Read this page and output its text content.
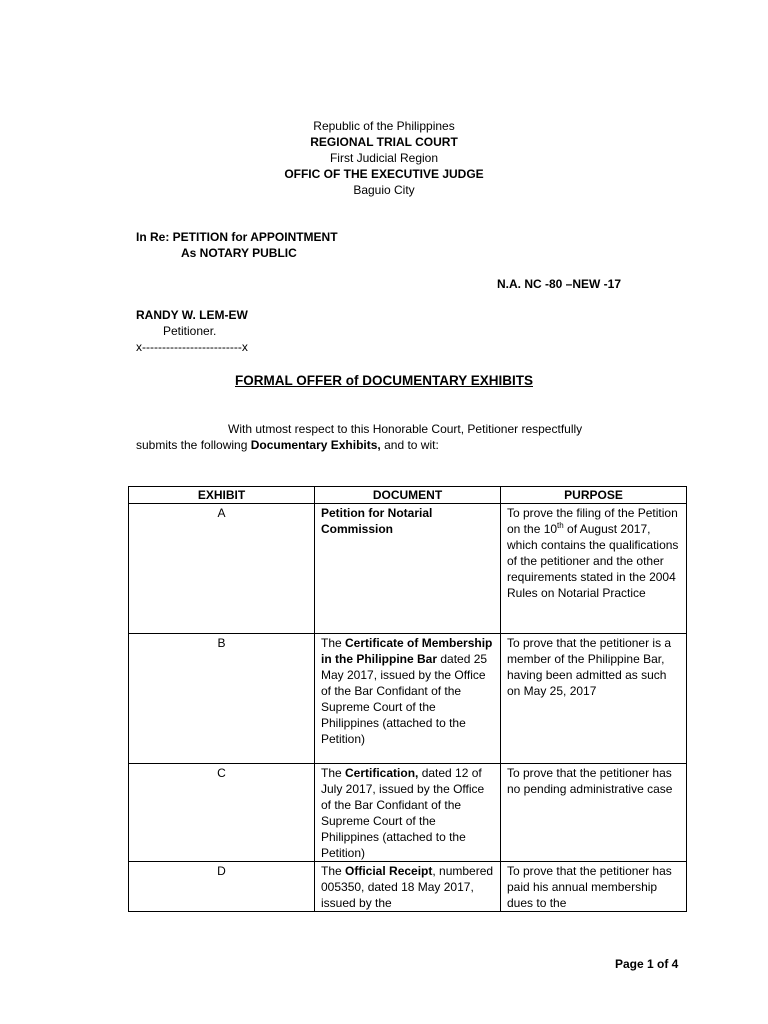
Republic of the Philippines
REGIONAL TRIAL COURT
First Judicial Region
OFFIC OF THE EXECUTIVE JUDGE
Baguio City
In Re: PETITION for APPOINTMENT
As NOTARY PUBLIC
N.A. NC -80 –NEW -17
RANDY W. LEM-EW
Petitioner.
x-------------------------x
FORMAL OFFER of DOCUMENTARY EXHIBITS
With utmost respect to this Honorable Court, Petitioner respectfully
submits the following Documentary Exhibits, and to wit:
EXHIBIT	DOCUMENT	PURPOSE
A	Petition for Notarial Commission	To prove the filing of the Petition on the 10th of August 2017, which contains the qualifications of the petitioner and the other requirements stated in the 2004 Rules on Notarial Practice
B	The Certificate of Membership in the Philippine Bar dated 25 May 2017, issued by the Office of the Bar Confidant of the Supreme Court of the Philippines (attached to the Petition)	To prove that the petitioner is a member of the Philippine Bar, having been admitted as such on May 25, 2017
C	The Certification, dated 12 of July 2017, issued by the Office of the Bar Confidant of the Supreme Court of the Philippines (attached to the Petition)	To prove that the petitioner has no pending administrative case
D	The Official Receipt, numbered 005350, dated 18 May 2017, issued by the	To prove that the petitioner has paid his annual membership dues to the
Page 1 of 4
